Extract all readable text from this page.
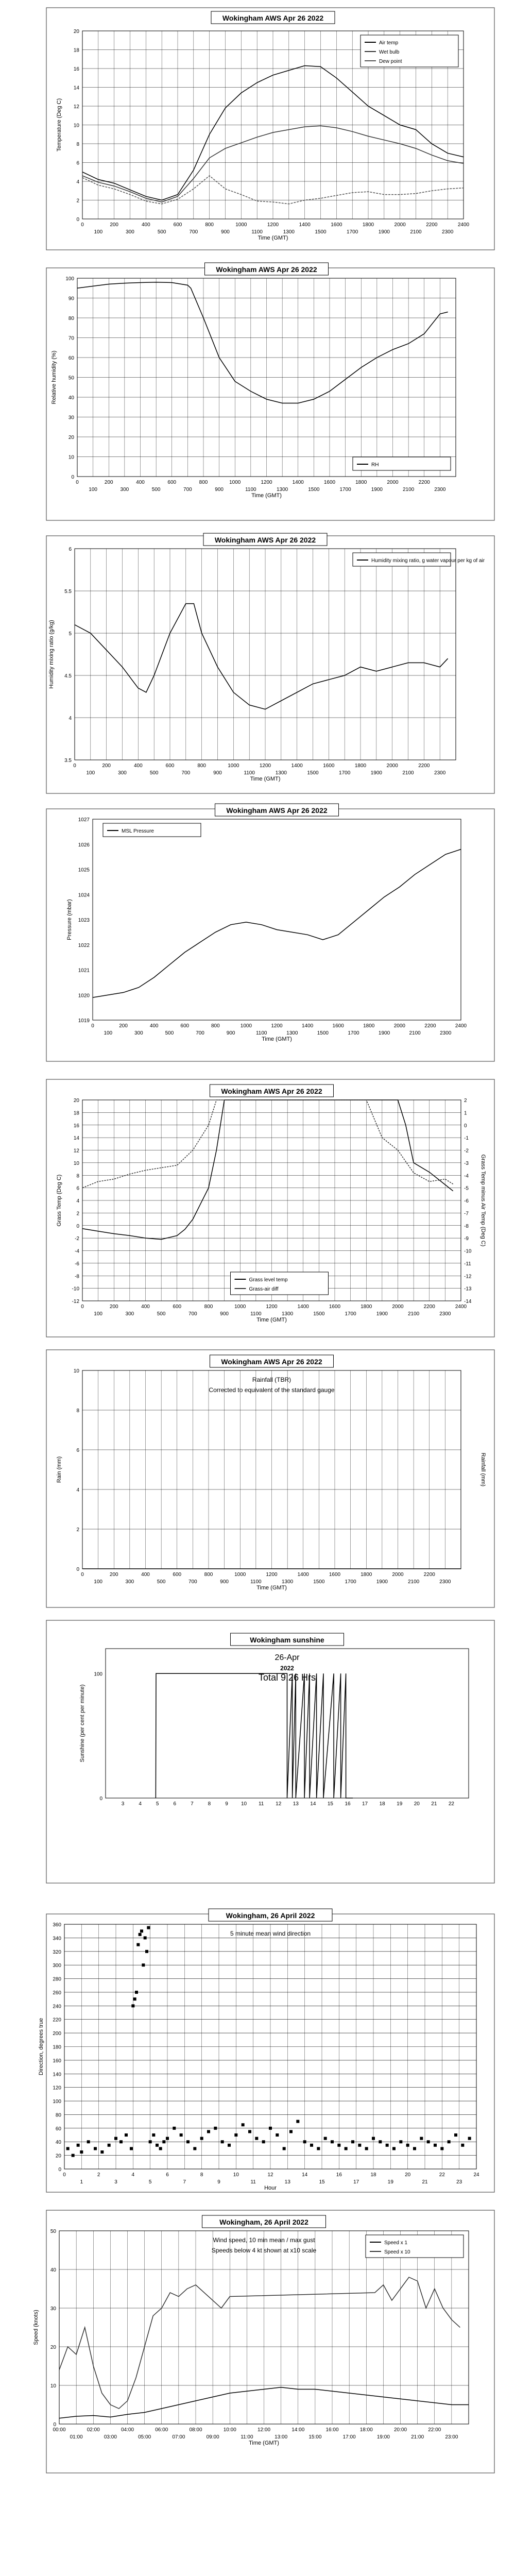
0
100
200
300
400
500
600
700
800
900
1000
1100
1200
1300
1400
1500
1600
1700
1800
1900
2000
2100
2200
2300
2400
0
2
4
6
8
10
12
14
16
18
20
Time (GMT)
Temperature (Deg C)
Wokingham AWS Apr 26 2022
Air temp
Wet bulb
Dew point
0
100
200
300
400
500
600
700
800
900
1000
1100
1200
1300
1400
1500
1600
1700
1800
1900
2000
2100
2200
2300
0
10
20
30
40
50
60
70
80
90
100
Time (GMT)
Relative humidity (%)
Wokingham AWS Apr 26 2022
RH
0
100
200
300
400
500
600
700
800
900
1000
1100
1200
1300
1400
1500
1600
1700
1800
1900
2000
2100
2200
2300
3.5
4
4.5
5
5.5
6
Time (GMT)
Humidity mixing ratio (g/kg)
Wokingham AWS Apr 26 2022
Humidity mixing ratio, g water vapour per kg of air
0
100
200
300
400
500
600
700
800
900
1000
1100
1200
1300
1400
1500
1600
1700
1800
1900
2000
2100
2200
2300
2400
1019
1020
1021
1022
1023
1024
1025
1026
1027
Time (GMT)
Pressure (mbar)
Wokingham AWS Apr 26 2022
MSL Pressure
0
100
200
300
400
500
600
700
800
900
1000
1100
1200
1300
1400
1500
1600
1700
1800
1900
2000
2100
2200
2300
2400
-12
-10
-8
-6
-4
-2
0
2
4
6
8
10
12
14
16
18
20
-14
-13
-12
-11
-10
-9
-8
-7
-6
-5
-4
-3
-2
-1
0
1
2
Time (GMT)
Grass Temp (Deg C)	Grass Temp minus Air Temp (Deg C)
Wokingham AWS Apr 26 2022
Grass level temp
Grass-air diff
0
100
200
300
400
500
600
700
800
900
1000
1100
1200
1300
1400
1500
1600
1700
1800
1900
2000
2100
2200
2300
0
2
4
6
8
10
Time (GMT)
Rain (mm)	Rainfall (mm)
Wokingham AWS Apr 26 2022
Rainfall (TBR)
Corrected to equivalent of the standard gauge
3	4	5	6	7	8	9	10 11 12 13 14 15 16 17 18 19 20 21 22
0
100
Sunshine (per cent per minute)
Wokingham sunshine
26-Apr
2022
Total 9.26 Hrs
0
1
2
3
4
5
6
7
8
9
10
11
12
13
14
15
16
17
18
19
20
21
22
23
24
0
20
40
60
80
100
120
140
160
180
200
220
240
260
280
300
320
340
360
Hour
Direction, degrees true
Wokingham, 26 April 2022
5 minute mean wind direction
00:00
01:00
02:00
03:00
04:00
05:00
06:00
07:00
08:00
09:00
10:00
11:00
12:00
13:00
14:00
15:00
16:00
17:00
18:00
19:00
20:00
21:00
22:00
23:00
0
10
20
30
40
50
Time (GMT)
Speed (knots)
Wokingham, 26 April 2022
Wind speed, 10 min mean / max gust
Speeds below 4 kt shown at x10 scale
Speed x 1
Speed x 10
